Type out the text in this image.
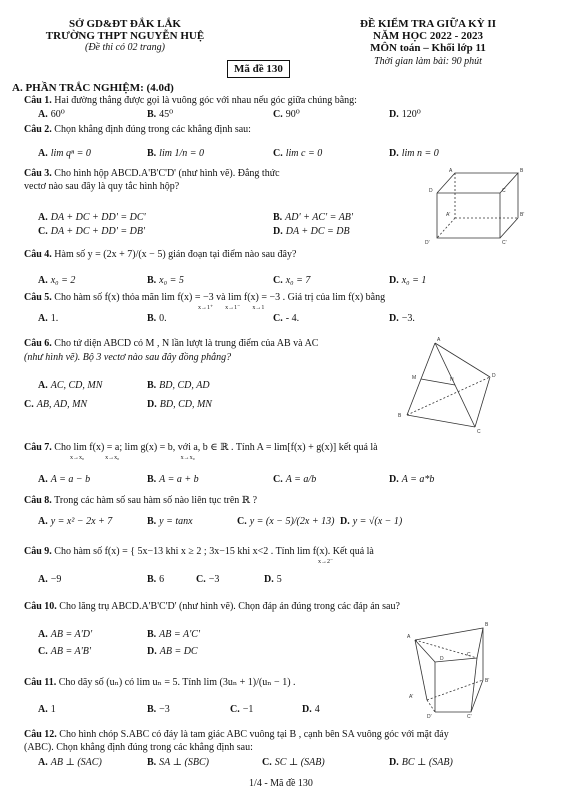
SỞ GD&ĐT ĐẮK LẮK
TRƯỜNG THPT NGUYỄN HUỆ
(Đề thi có 02 trang)
Mã đề 130
ĐỀ KIỂM TRA GIỮA KỲ II
NĂM HỌC 2022 - 2023
MÔN toán – Khối lớp 11
Thời gian làm bài: 90 phút
A. PHẦN TRẮC NGHIỆM: (4.0đ)
Câu 1. Hai đường thẳng được gọi là vuông góc với nhau nếu góc giữa chúng bằng:
A. 60⁰	B. 45⁰	C. 90⁰	D. 120⁰
Câu 2. Chọn khẳng định đúng trong các khẳng định sau:
A. lim qⁿ = 0	B. lim 1/n = 0	C. lim c = 0	D. lim n = 0
Câu 3. Cho hình hộp ABCD.A'B'C'D' (như hình vẽ). Đẳng thức
vectơ nào sau đây là quy tắc hình hộp?
A. DA + DC + DD' = DC'	B. AD' + AC' = AB'
C. DA + DC + DD' = DB'	D. DA + DC = DB
D	C
A	B
D'	C'
A'	B'
Câu 4. Hàm số y = (2x + 7)/(x − 5) gián đoạn tại điểm nào sau đây?
A. x₀ = 2	B. x₀ = 5	C. x₀ = 7	D. x₀ = 1
Câu 5. Cho hàm số f(x) thỏa mãn lim f(x) = −3 và lim f(x) = −3 . Giá trị của lim f(x) bằng
x→1⁺        x→1⁻        x→1
A. 1.	B. 0.	C. - 4.	D. −3.
Câu 6. Cho tứ diện ABCD có M , N lần lượt là trung điểm của AB và AC
(như hình vẽ). Bộ 3 vectơ nào sau đây đồng phẳng?
A. AC, CD, MN	B. BD, CD, AD
C. AB, AD, MN	D. BD, CD, MN
A
M	N
D
B
C
Câu 7. Cho lim f(x) = a; lim g(x) = b, với a, b ∈ ℝ . Tính A = lim[f(x) + g(x)] kết quả là
x→x₀              x→x₀                                         x→x₀
A. A = a − b	B. A = a + b	C. A = a/b	D. A = a*b
Câu 8. Trong các hàm số sau hàm số nào liên tục trên ℝ ?
A. y = x² − 2x + 7	B. y = tanx	C. y = (x − 5)/(2x + 13) D. y = √(x − 1)
Câu 9. Cho hàm số f(x) = { 5x−13 khi x ≥ 2 ; 3x−15 khi x<2 . Tính lim f(x). Kết quả là
x→2⁻
A. −9	B. 6	C. −3	D. 5
Câu 10. Cho lăng trụ ABCD.A'B'C'D' (như hình vẽ). Chọn đáp án đúng trong các đáp án sau?
A. AB = A'D'	B. AB = A'C'
C. AB = A'B'	D. AB = DC
B
D
C
A
B'
A'
D'	C'
Câu 11. Cho dãy số (uₙ) có lim uₙ = 5. Tính lim (3uₙ + 1)/(uₙ − 1) .
A. 1	B. −3	C. −1	D. 4
Câu 12. Cho hình chóp S.ABC có đáy là tam giác ABC vuông tại B , cạnh bên SA vuông góc với mặt đáy
(ABC). Chọn khẳng định đúng trong các khẳng định sau:
A. AB ⊥ (SAC)	B. SA ⊥ (SBC)	C. SC ⊥ (SAB)	D. BC ⊥ (SAB)
1/4 - Mã đề 130
